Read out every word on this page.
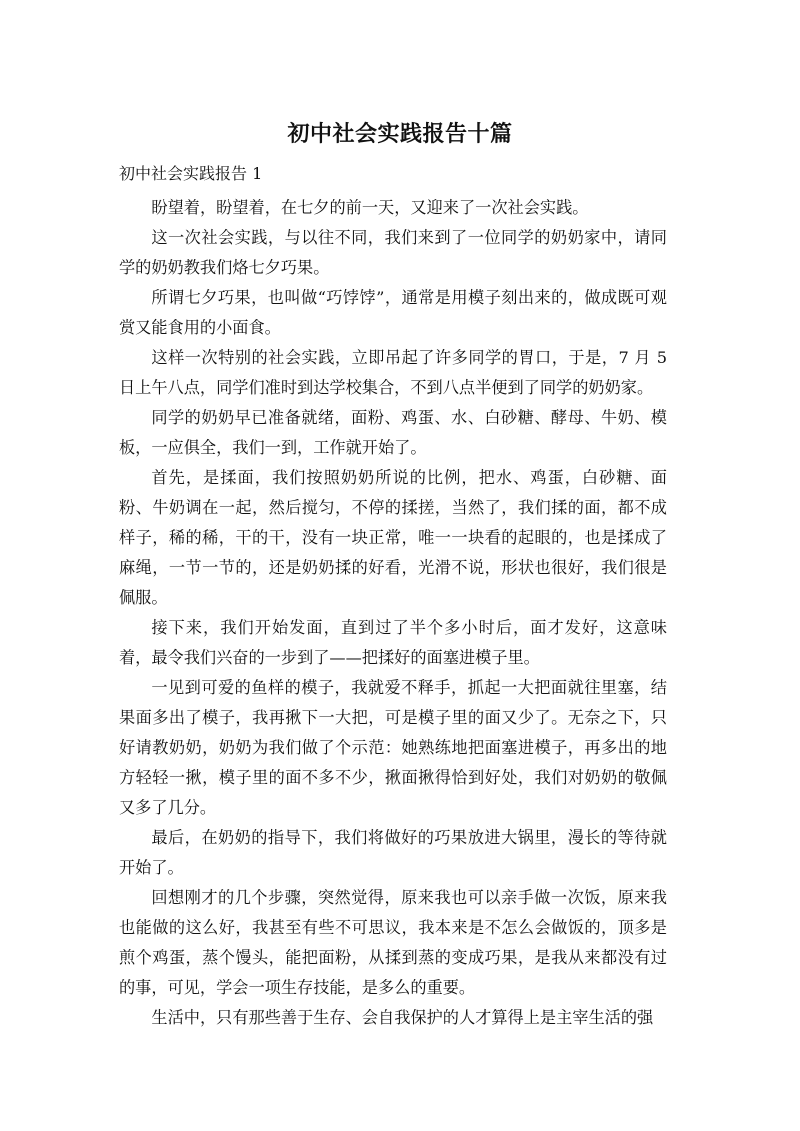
初中社会实践报告十篇
初中社会实践报告 1

盼望着，盼望着，在七夕的前一天，又迎来了一次社会实践。

这一次社会实践，与以往不同，我们来到了一位同学的奶奶家中，请同学的奶奶教我们烙七夕巧果。

所谓七夕巧果，也叫做“巧饽饽”，通常是用模子刻出来的，做成既可观赏又能食用的小面食。

这样一次特别的社会实践，立即吊起了许多同学的胃口，于是，7 月 5 日上午八点，同学们准时到达学校集合，不到八点半便到了同学的奶奶家。

同学的奶奶早已准备就绪，面粉、鸡蛋、水、白砂糖、酵母、牛奶、模板，一应俱全，我们一到，工作就开始了。

首先，是揉面，我们按照奶奶所说的比例，把水、鸡蛋，白砂糖、面粉、牛奶调在一起，然后搅匀，不停的揉搓，当然了，我们揉的面，都不成样子，稀的稀，干的干，没有一块正常，唯一一块看的起眼的，也是揉成了麻绳，一节一节的，还是奶奶揉的好看，光滑不说，形状也很好，我们很是佩服。

接下来，我们开始发面，直到过了半个多小时后，面才发好，这意味着，最令我们兴奋的一步到了——把揉好的面塞进模子里。

一见到可爱的鱼样的模子，我就爱不释手，抓起一大把面就往里塞，结果面多出了模子，我再揪下一大把，可是模子里的面又少了。无奈之下，只好请教奶奶，奶奶为我们做了个示范：她熟练地把面塞进模子，再多出的地方轻轻一揪，模子里的面不多不少，揪面揪得恰到好处，我们对奶奶的敬佩又多了几分。

最后，在奶奶的指导下，我们将做好的巧果放进大锅里，漫长的等待就开始了。

回想刚才的几个步骤，突然觉得，原来我也可以亲手做一次饭，原来我也能做的这么好，我甚至有些不可思议，我本来是不怎么会做饭的，顶多是煎个鸡蛋，蒸个馒头，能把面粉，从揉到蒸的变成巧果，是我从来都没有过的事，可见，学会一项生存技能，是多么的重要。

生活中，只有那些善于生存、会自我保护的人才算得上是主宰生活的强
